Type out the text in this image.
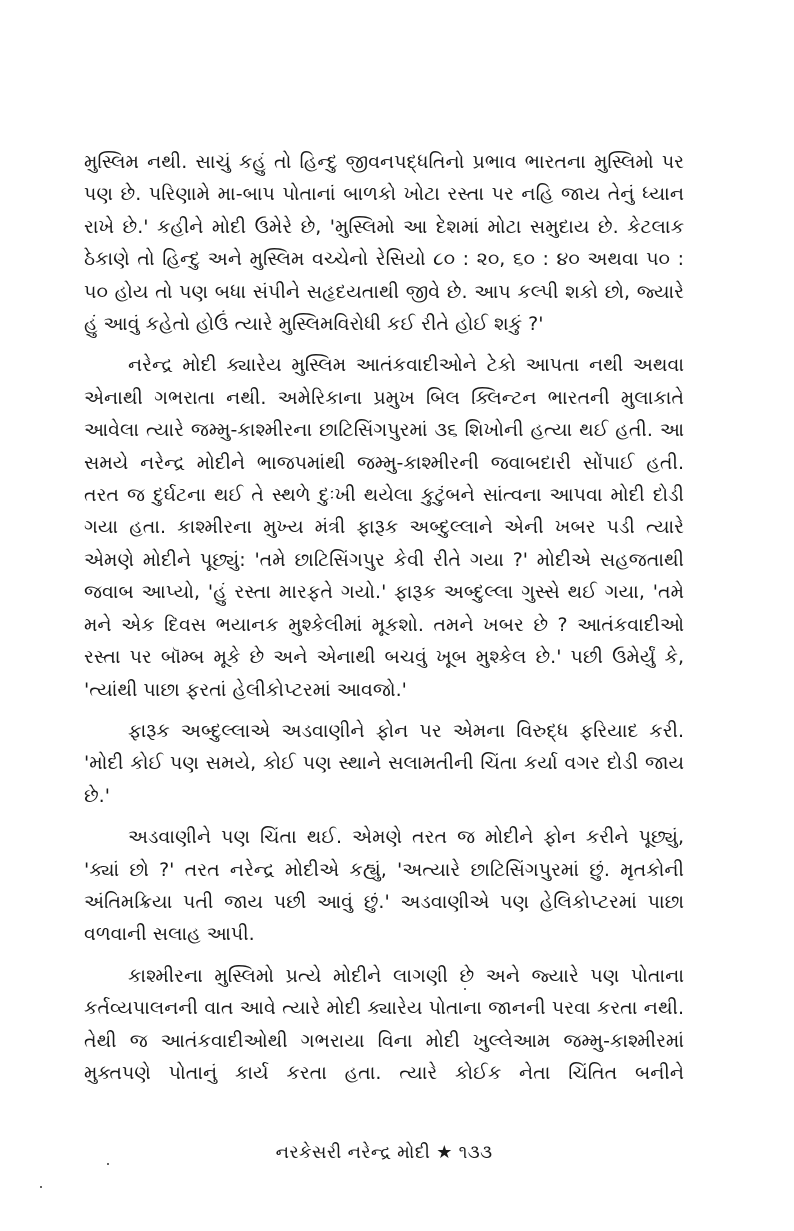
મુસ્લિમ નથી. સાચું કહું તો હિન્દુ જીવનપદ્ધતિનો પ્રભાવ ભારતના મુસ્લિમો પર પણ છે. પરિણામે મા-બાપ પોતાનાં બાળકો ખોટા રસ્તા પર નહિ જાય તેનું ધ્યાન રાખે છે.' કહીને મોદી ઉમેરે છે, 'મુસ્લિમો આ દેશમાં મોટા સમુદાય છે. કેટલાક ઠેકાણે તો હિન્દુ અને મુસ્લિમ વચ્ચેનો રેસિયો ૮૦ : ૨૦, ૬૦ : ૪૦ અથવા ૫૦ : ૫૦ હોય તો પણ બધા સંપીને સહૃદયતાથી જીવે છે. આપ કલ્પી શકો છો, જ્યારે હું આવું કહેતો હોઉં ત્યારે મુસ્લિમવિરોધી કઈ રીતે હોઈ શકું ?'

નરેન્દ્ર મોદી ક્યારેય મુસ્લિમ આતંકવાદીઓને ટેકો આપતા નથી અથવા એનાથી ગભરાતા નથી. અમેરિકાના પ્રમુખ બિલ ક્લિન્ટન ભારતની મુલાકાતે આવેલા ત્યારે જમ્મુ-કાશ્મીરના છાટિસિંગપુરમાં ૩૬ શિખોની હત્યા થઈ હતી. આ સમયે નરેન્દ્ર મોદીને ભાજપમાંથી જમ્મુ-કાશ્મીરની જવાબદારી સોંપાઈ હતી. તરત જ દુર્ઘટના થઈ તે સ્થળે દુઃખી થયેલા કુટુંબને સાંત્વના આપવા મોદી દોડી ગયા હતા. કાશ્મીરના મુખ્ય મંત્રી ફારૂક અબ્દુલ્લાને એની ખબર પડી ત્યારે એમણે મોદીને પૂછ્યું: 'તમે છાટિસિંગપુર કેવી રીતે ગયા ?' મોદીએ સહજતાથી જવાબ આપ્યો, 'હું રસ્તા મારફતે ગયો.' ફારૂક અબ્દુલ્લા ગુસ્સે થઈ ગયા, 'તમે મને એક દિવસ ભયાનક મુશ્કેલીમાં મૂકશો. તમને ખબર છે ? આતંકવાદીઓ રસ્તા પર બૉમ્બ મૂકે છે અને એનાથી બચવું ખૂબ મુશ્કેલ છે.' પછી ઉમેર્યું કે, 'ત્યાંથી પાછા ફરતાં હેલીકોપ્ટરમાં આવજો.'

ફારૂક અબ્દુલ્લાએ અડવાણીને ફોન પર એમના વિરુદ્ધ ફરિયાદ કરી. 'મોદી કોઈ પણ સમયે, કોઈ પણ સ્થાને સલામતીની ચિંતા કર્યા વગર દોડી જાય છે.'

અડવાણીને પણ ચિંતા થઈ. એમણે તરત જ મોદીને ફોન કરીને પૂછ્યું, 'ક્યાં છો ?' તરત નરેન્દ્ર મોદીએ કહ્યું, 'અત્યારે છાટિસિંગપુરમાં છું. મૃતકોની અંતિમક્રિયા પતી જાય પછી આવું છું.' અડવાણીએ પણ હેલિકોપ્ટરમાં પાછા વળવાની સલાહ આપી.

કાશ્મીરના મુસ્લિમો પ્રત્યે મોદીને લાગણી છે અને જ્યારે પણ પોતાના કર્તવ્યપાલનની વાત આવે ત્યારે મોદી ક્યારેય પોતાના જાનની પરવા કરતા નથી. તેથી જ આતંકવાદીઓથી ગભરાયા વિના મોદી ખુલ્લેઆમ જમ્મુ-કાશ્મીરમાં મુક્તપણે પોતાનું કાર્ય કરતા હતા. ત્યારે કોઈક નેતા ચિંતિત બનીને

નરકેસરી નરેન્દ્ર મોદી ★ ૧૩૩
